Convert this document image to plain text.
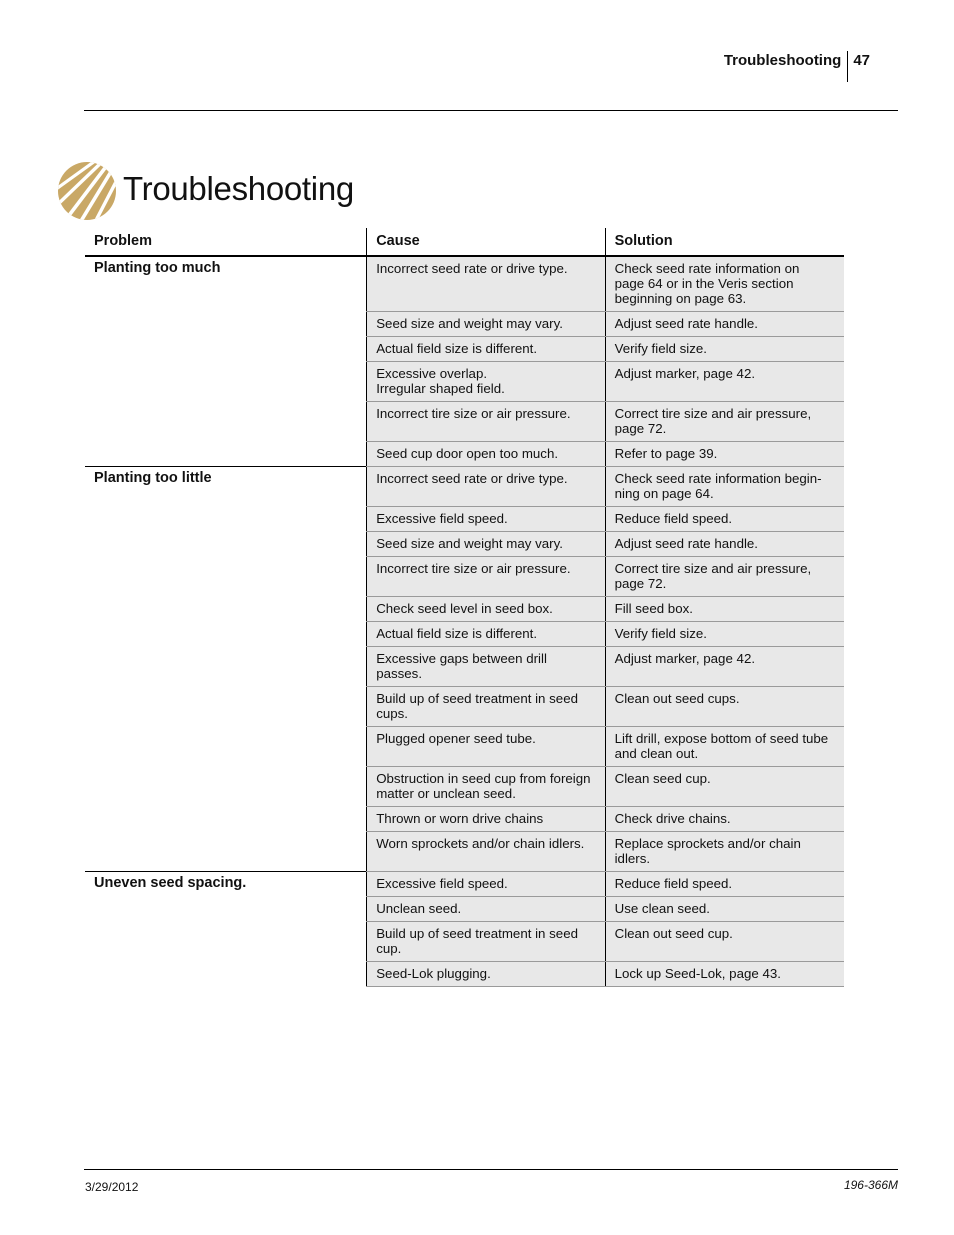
Troubleshooting 47
Troubleshooting
Problem	Cause	Solution
Planting too much	Incorrect seed rate or drive type.	Check seed rate information on
page 64 or in the Veris section
beginning on page 63.
	Seed size and weight may vary.	Adjust seed rate handle.
	Actual field size is different.	Verify field size.
	Excessive overlap.
Irregular shaped field.	Adjust marker, page 42.
	Incorrect tire size or air pressure.	Correct tire size and air pressure,
page 72.
	Seed cup door open too much.	Refer to page 39.
Planting too little	Incorrect seed rate or drive type.	Check seed rate information begin-
ning on page 64.
	Excessive field speed.	Reduce field speed.
	Seed size and weight may vary.	Adjust seed rate handle.
	Incorrect tire size or air pressure.	Correct tire size and air pressure,
page 72.
	Check seed level in seed box.	Fill seed box.
	Actual field size is different.	Verify field size.
	Excessive gaps between drill
passes.	Adjust marker, page 42.
	Build up of seed treatment in seed
cups.	Clean out seed cups.
	Plugged opener seed tube.	Lift drill, expose bottom of seed tube
and clean out.
	Obstruction in seed cup from foreign
matter or unclean seed.	Clean seed cup.
	Thrown or worn drive chains	Check drive chains.
	Worn sprockets and/or chain idlers.	Replace sprockets and/or chain
idlers.
Uneven seed spacing.	Excessive field speed.	Reduce field speed.
	Unclean seed.	Use clean seed.
	Build up of seed treatment in seed
cup.	Clean out seed cup.
	Seed-Lok plugging.	Lock up Seed-Lok, page 43.
3/29/2012	196-366M
